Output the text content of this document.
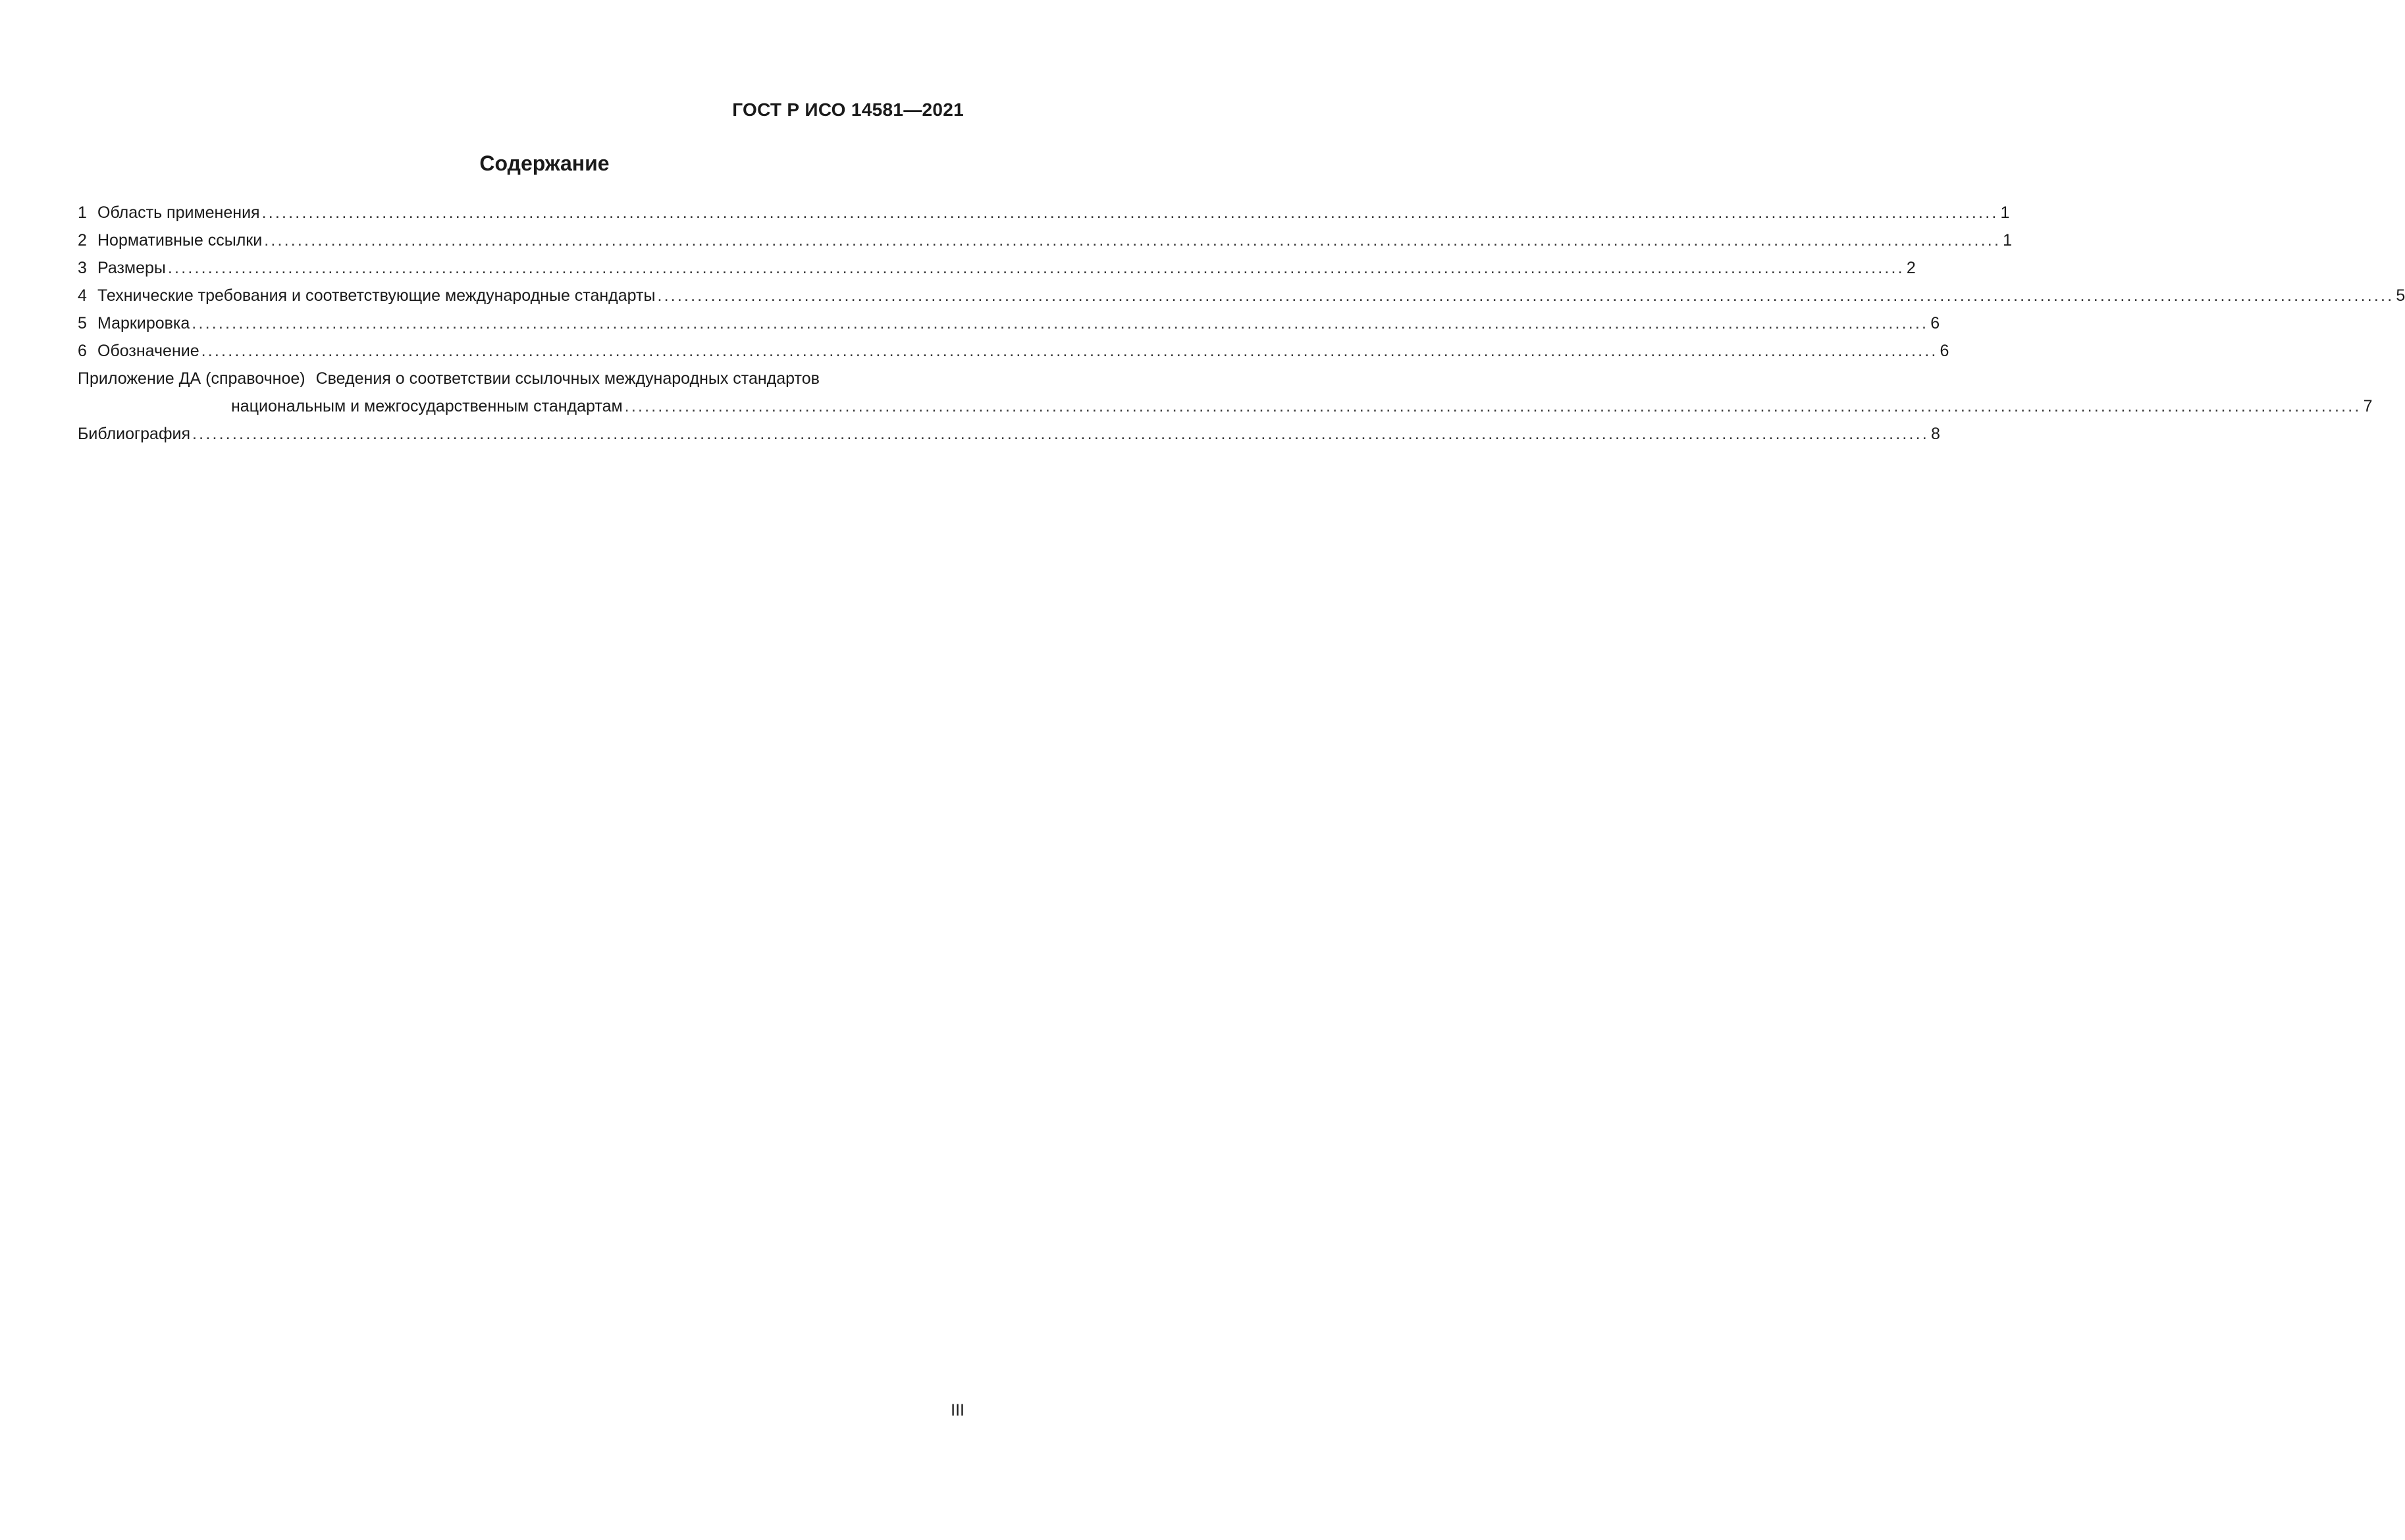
ГОСТ Р ИСО 14581—2021
Содержание
1 Область применения .................................................................................................................................................................................................................................................................... 1
2 Нормативные ссылки .................................................................................................................................................................................................................................................................... 1
3 Размеры .................................................................................................................................................................................................................................................................... 2
4 Технические требования и соответствующие международные стандарты .................................................................................................................................................................................................................................................................... 5
5 Маркировка .................................................................................................................................................................................................................................................................... 6
6 Обозначение .................................................................................................................................................................................................................................................................... 6
Приложение ДА (справочное) Сведения о соответствии ссылочных международных стандартов
национальным и межгосударственным стандартам .................................................................................................................................................................................................................................................................... 7
Библиография .................................................................................................................................................................................................................................................................... 8
III
